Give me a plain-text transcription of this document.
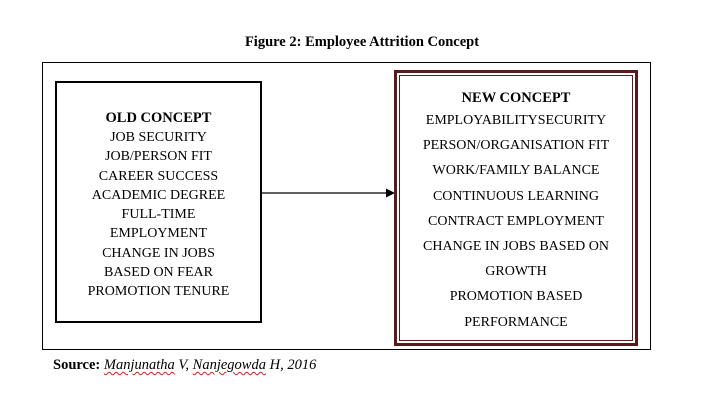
Figure 2: Employee Attrition Concept
OLD CONCEPT
JOB SECURITY
JOB/PERSON FIT
CAREER SUCCESS
ACADEMIC DEGREE
FULL-TIME
EMPLOYMENT
CHANGE IN JOBS
BASED ON FEAR
PROMOTION TENURE
NEW CONCEPT
EMPLOYABILITYSECURITY
PERSON/ORGANISATION FIT
WORK/FAMILY BALANCE
CONTINUOUS LEARNING
CONTRACT EMPLOYMENT
CHANGE IN JOBS BASED ON
GROWTH
PROMOTION BASED
PERFORMANCE
Source: Manjunatha V, Nanjegowda H, 2016
